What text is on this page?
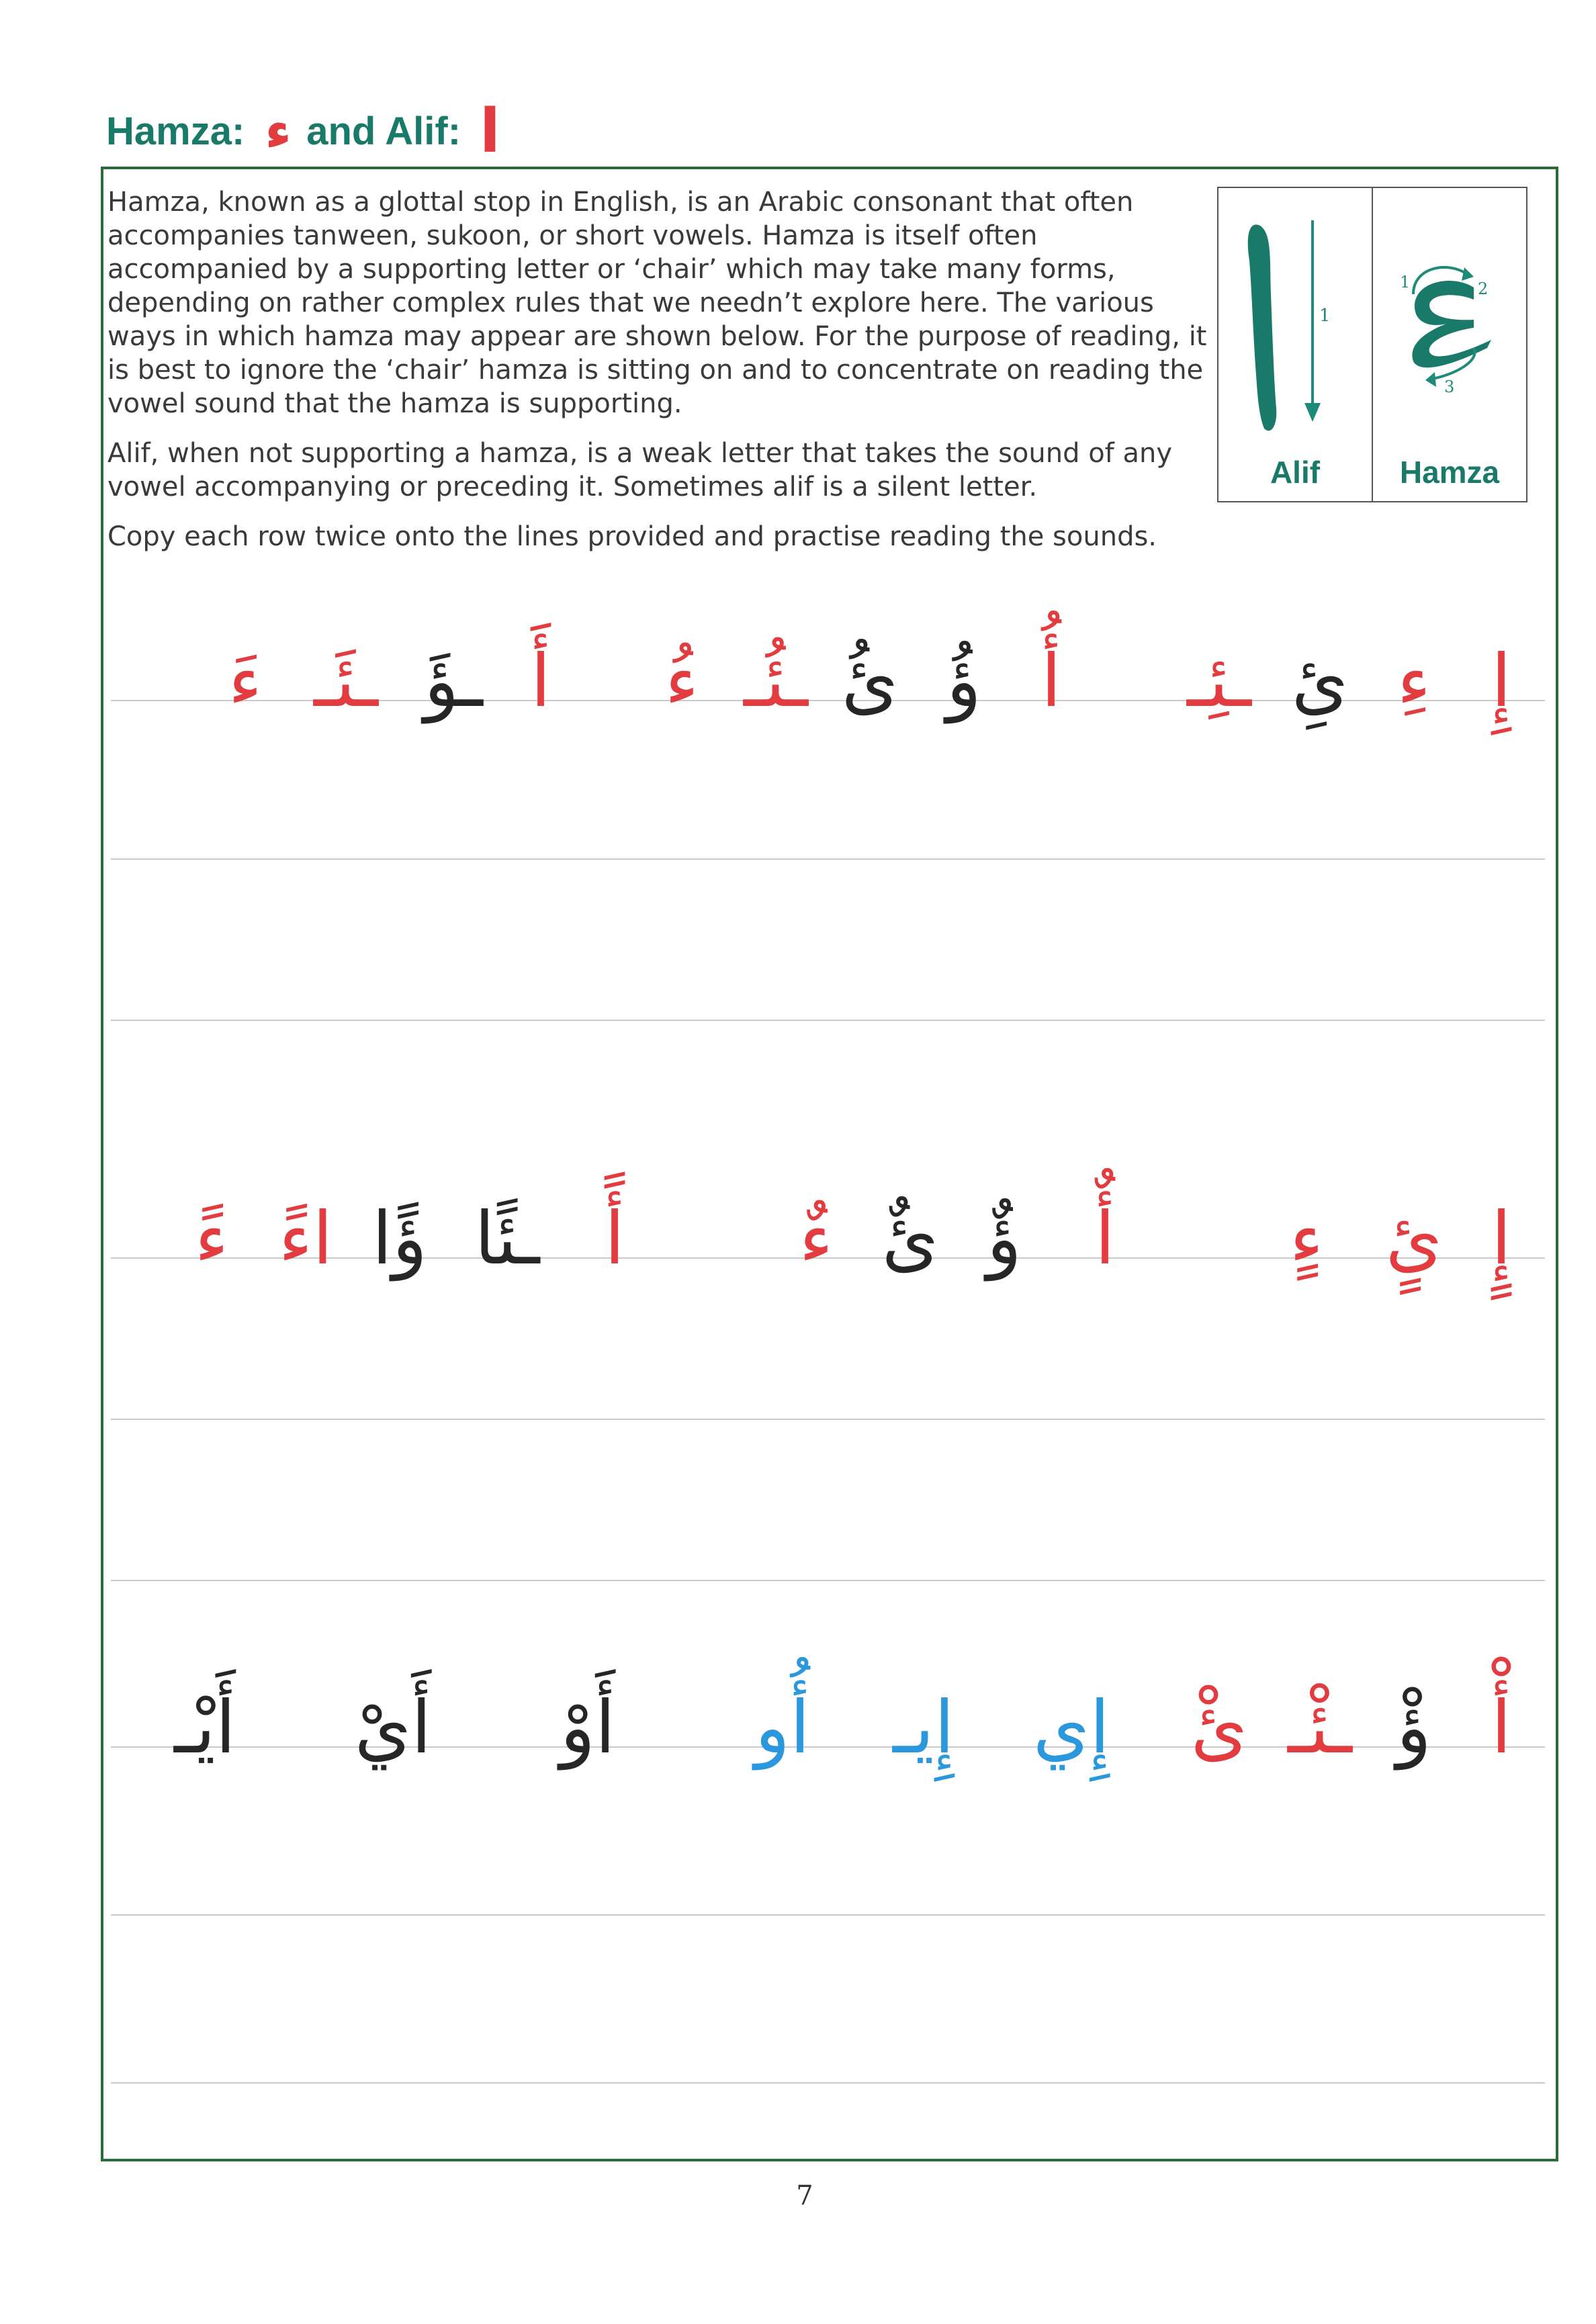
Hamza: ء and Alif: ا

Hamza, known as a glottal stop in English, is an Arabic consonant that often accompanies tanween, sukoon, or short vowels. Hamza is itself often accompanied by a supporting letter or ‘chair’ which may take many forms, depending on rather complex rules that we needn’t explore here. The various ways in which hamza may appear are shown below. For the purpose of reading, it is best to ignore the ‘chair’ hamza is sitting on and to concentrate on reading the vowel sound that the hamza is supporting.

Alif, when not supporting a hamza, is a weak letter that takes the sound of any vowel accompanying or preceding it. Sometimes alif is a silent letter.

Copy each row twice onto the lines provided and practise reading the sounds.

1
Alif
1	2
3
Hamza
إِ
ءِ
ئِ
ـئِـ
أُ
ؤُ
ئُ
ـئُـ
ءُ
أَ
ـؤَ
ـئَـ
ءَ
إٍ
ئٍ
ءٍ
أٌ
ؤٌ
ئٌ
ءٌ
أً
ـئًا
ؤًا
اءً
ءً
أْ
ؤْ
ـئْـ
ئْ
إِي
إِيـ
أُو
أَوْ
أَيْ
أَيْـ
7
